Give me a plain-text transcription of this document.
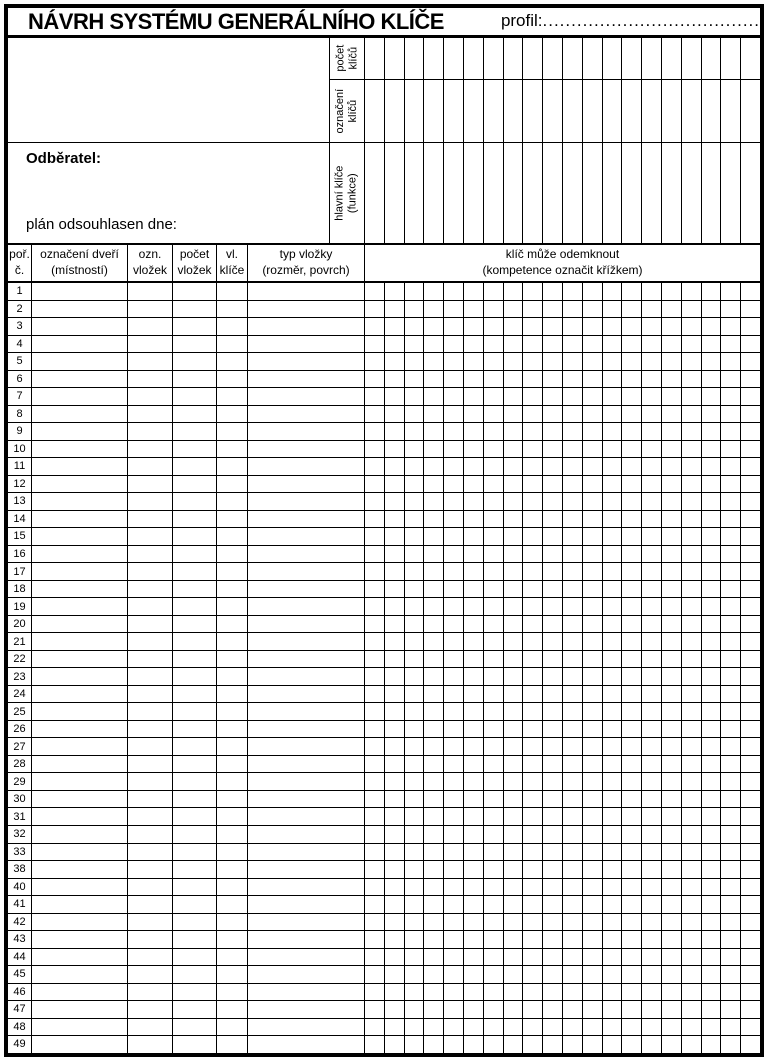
NÁVRH SYSTÉMU GENERÁLNÍHO KLÍČE	profil: ......................................
Odběratel:
plán odsouhlasen dne:
počet klíčů
označení klíčů
hlavní klíče (funkce)
poř.
č.
označení dveří
(místností)
ozn.
vložek
počet
vložek
vl.
klíče
typ vložky
(rozměr, povrch)
klíč může odemknout
(kompetence označit křížkem)
1
2
3
4
5
6
7
8
9
10
11
12
13
14
15
16
17
18
19
20
21
22
23
24
25
26
27
28
29
30
31
32
33
38
40
41
42
43
44
45
46
47
48
49
